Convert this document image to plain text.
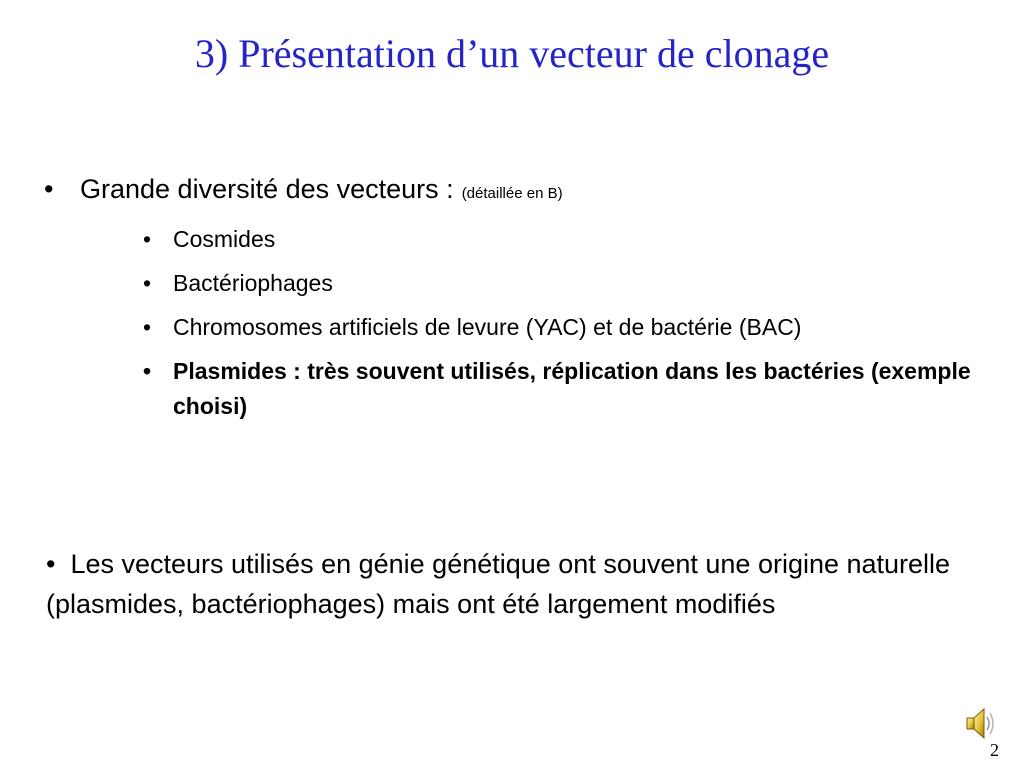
3) Présentation d’un vecteur de clonage
• Grande diversité des vecteurs : (détaillée en B)
• Cosmides
• Bactériophages
• Chromosomes artificiels de levure (YAC) et de bactérie (BAC)
• Plasmides : très souvent utilisés, réplication dans les bactéries (exemple choisi)

• Les vecteurs utilisés en génie génétique ont souvent une origine naturelle (plasmides, bactériophages) mais ont été largement modifiés

2
